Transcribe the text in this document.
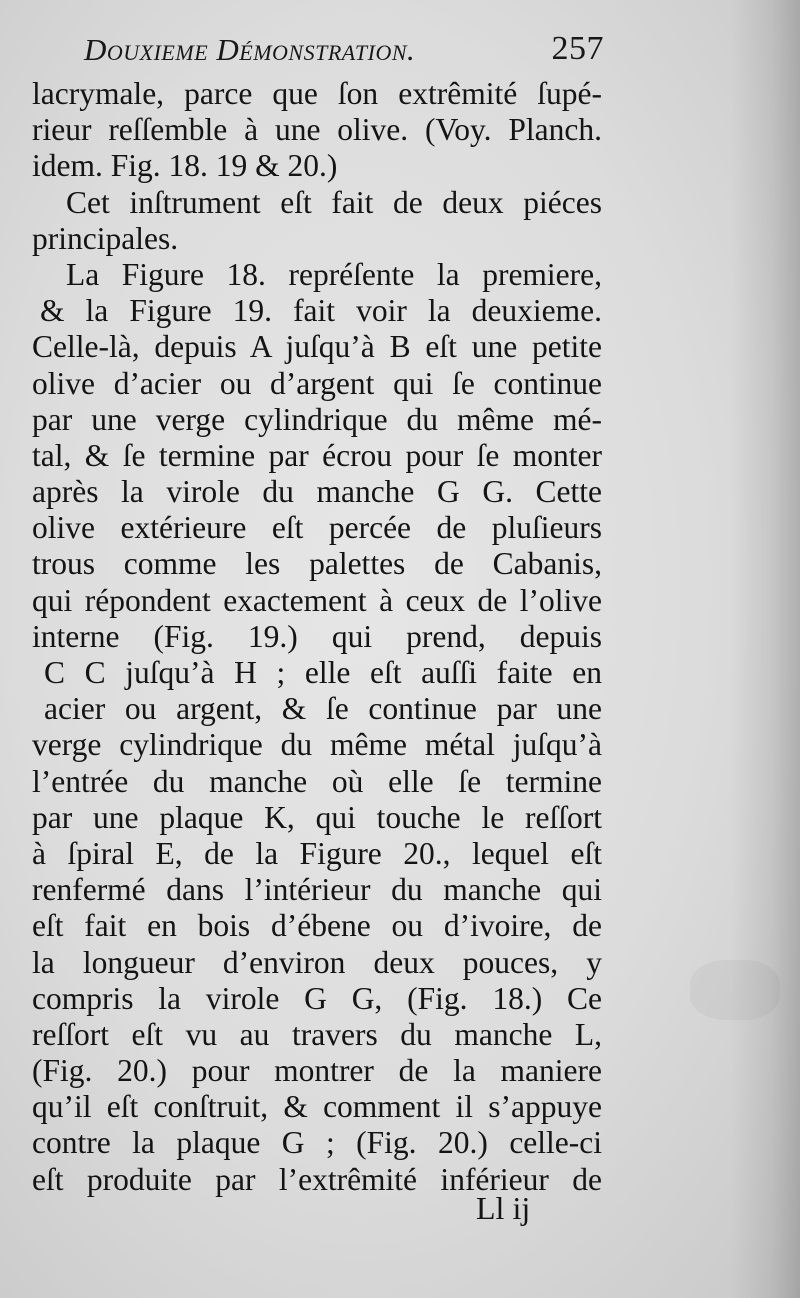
Douxieme Démonstration.	257
lacrymale, parce que ſon extrêmité ſupé-
rieur reſſemble à une olive. (Voy. Planch.
idem. Fig. 18. 19 & 20.)
Cet inſtrument eſt fait de deux piéces
principales.
La Figure 18. repréſente la premiere,
& la Figure 19. fait voir la deuxieme.
Celle-là, depuis A juſqu’à B eſt une petite
olive d’acier ou d’argent qui ſe continue
par une verge cylindrique du même mé-
tal, & ſe termine par écrou pour ſe monter
après la virole du manche G G. Cette
olive extérieure eſt percée de pluſieurs
trous comme les palettes de Cabanis,
qui répondent exactement à ceux de l’olive
interne (Fig. 19.) qui prend, depuis
C C juſqu’à H ; elle eſt auſſi faite en
acier ou argent, & ſe continue par une
verge cylindrique du même métal juſqu’à
l’entrée du manche où elle ſe termine
par une plaque K, qui touche le reſſort
à ſpiral E, de la Figure 20., lequel eſt
renfermé dans l’intérieur du manche qui
eſt fait en bois d’ébene ou d’ivoire, de
la longueur d’environ deux pouces, y
compris la virole G G, (Fig. 18.) Ce
reſſort eſt vu au travers du manche L,
(Fig. 20.) pour montrer de la maniere
qu’il eſt conſtruit, & comment il s’appuye
contre la plaque G ; (Fig. 20.) celle-ci
eſt produite par l’extrêmité inférieur de
Ll ij
